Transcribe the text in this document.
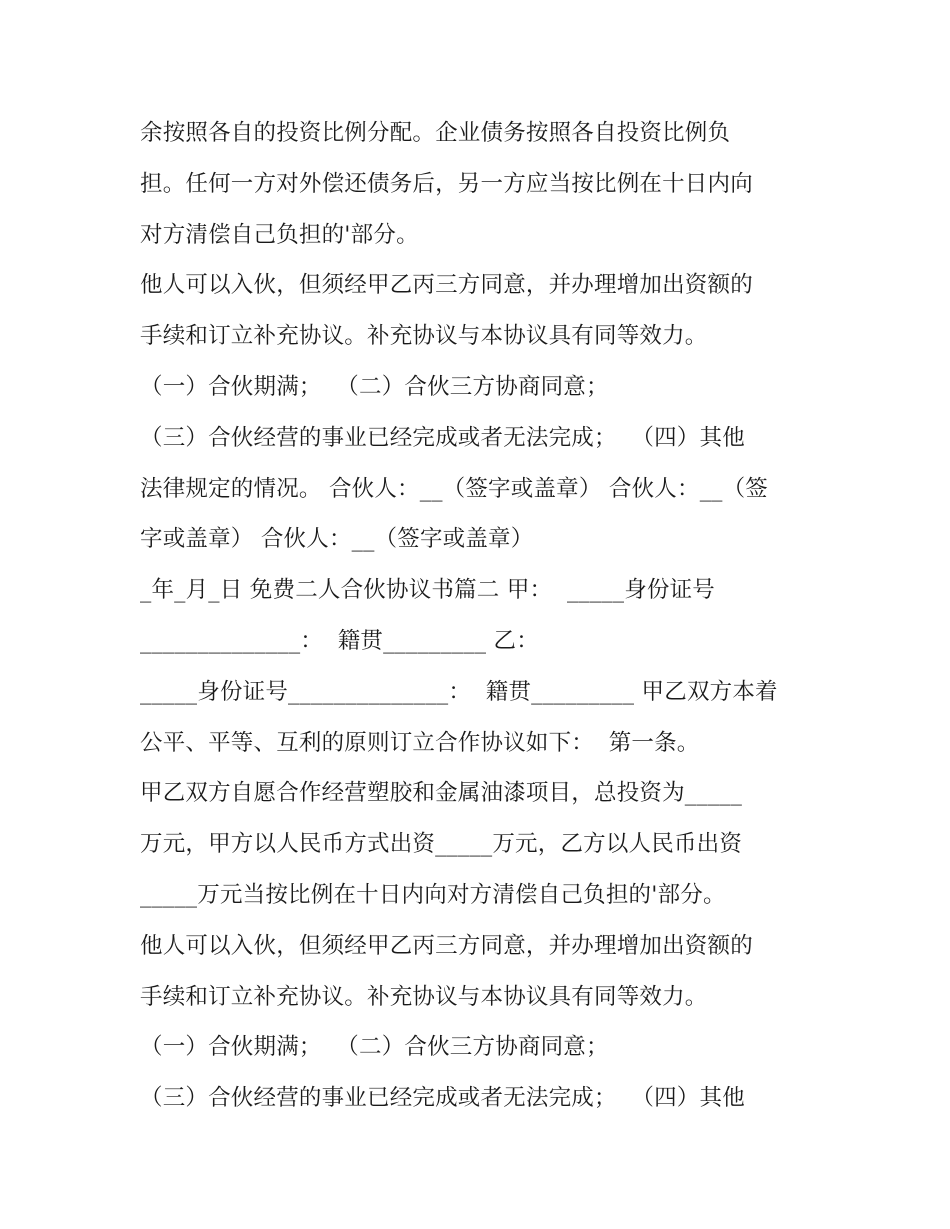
余按照各自的投资比例分配。企业债务按照各自投资比例负
担。任何一方对外偿还债务后，另一方应当按比例在十日内向
对方清偿自己负担的'部分。
他人可以入伙，但须经甲乙丙三方同意，并办理增加出资额的
手续和订立补充协议。补充协议与本协议具有同等效力。
（一）合伙期满；  （二）合伙三方协商同意；
（三）合伙经营的事业已经完成或者无法完成；  （四）其他
法律规定的情况。 合伙人：__（签字或盖章） 合伙人：__（签
字或盖章） 合伙人：__（签字或盖章）
_年_月_日 免费二人合伙协议书篇二 甲：  _____身份证号
______________：  籍贯_________ 乙：
_____身份证号______________：  籍贯_________ 甲乙双方本着
公平、平等、互利的原则订立合作协议如下：  第一条。
甲乙双方自愿合作经营塑胶和金属油漆项目，总投资为_____
万元，甲方以人民币方式出资_____万元，乙方以人民币出资
_____万元当按比例在十日内向对方清偿自己负担的'部分。
他人可以入伙，但须经甲乙丙三方同意，并办理增加出资额的
手续和订立补充协议。补充协议与本协议具有同等效力。
（一）合伙期满；  （二）合伙三方协商同意；
（三）合伙经营的事业已经完成或者无法完成；  （四）其他
